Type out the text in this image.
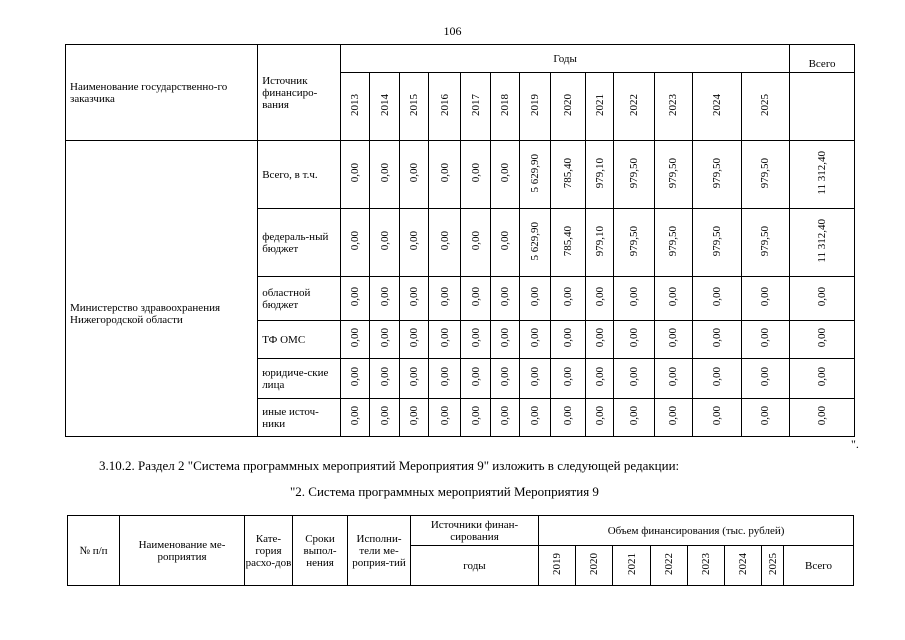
106
Наименование государственно-го заказчика	Источник финансиро-вания	Годы													Всего
		2013	2014	2015	2016	2017	2018	2019	2020	2021	2022	2023	2024	2025	
Министерство здравоохранения Нижегородской области	Всего, в т.ч.	0,00	0,00	0,00	0,00	0,00	0,00	5 629,90	785,40	979,10	979,50	979,50	979,50	979,50	11 312,40
	федераль-ный бюджет	0,00	0,00	0,00	0,00	0,00	0,00	5 629,90	785,40	979,10	979,50	979,50	979,50	979,50	11 312,40
	областной бюджет	0,00	0,00	0,00	0,00	0,00	0,00	0,00	0,00	0,00	0,00	0,00	0,00	0,00	0,00
	ТФ ОМС	0,00	0,00	0,00	0,00	0,00	0,00	0,00	0,00	0,00	0,00	0,00	0,00	0,00	0,00
	юридиче-ские лица	0,00	0,00	0,00	0,00	0,00	0,00	0,00	0,00	0,00	0,00	0,00	0,00	0,00	0,00
	иные источ-ники	0,00	0,00	0,00	0,00	0,00	0,00	0,00	0,00	0,00	0,00	0,00	0,00	0,00	0,00
".
3.10.2. Раздел 2 "Система программных мероприятий Мероприятия 9" изложить в следующей редакции:
"2. Система программных мероприятий Мероприятия 9
№ п/п	Наименование ме-роприятия	Кате-гория расхо-дов	Сроки выпол-нения	Исполни-тели ме-роприя-тий	Источники финан-сирования	Объем финансирования (тыс. рублей)							
					годы	2019	2020	2021	2022	2023	2024	2025	Всего
